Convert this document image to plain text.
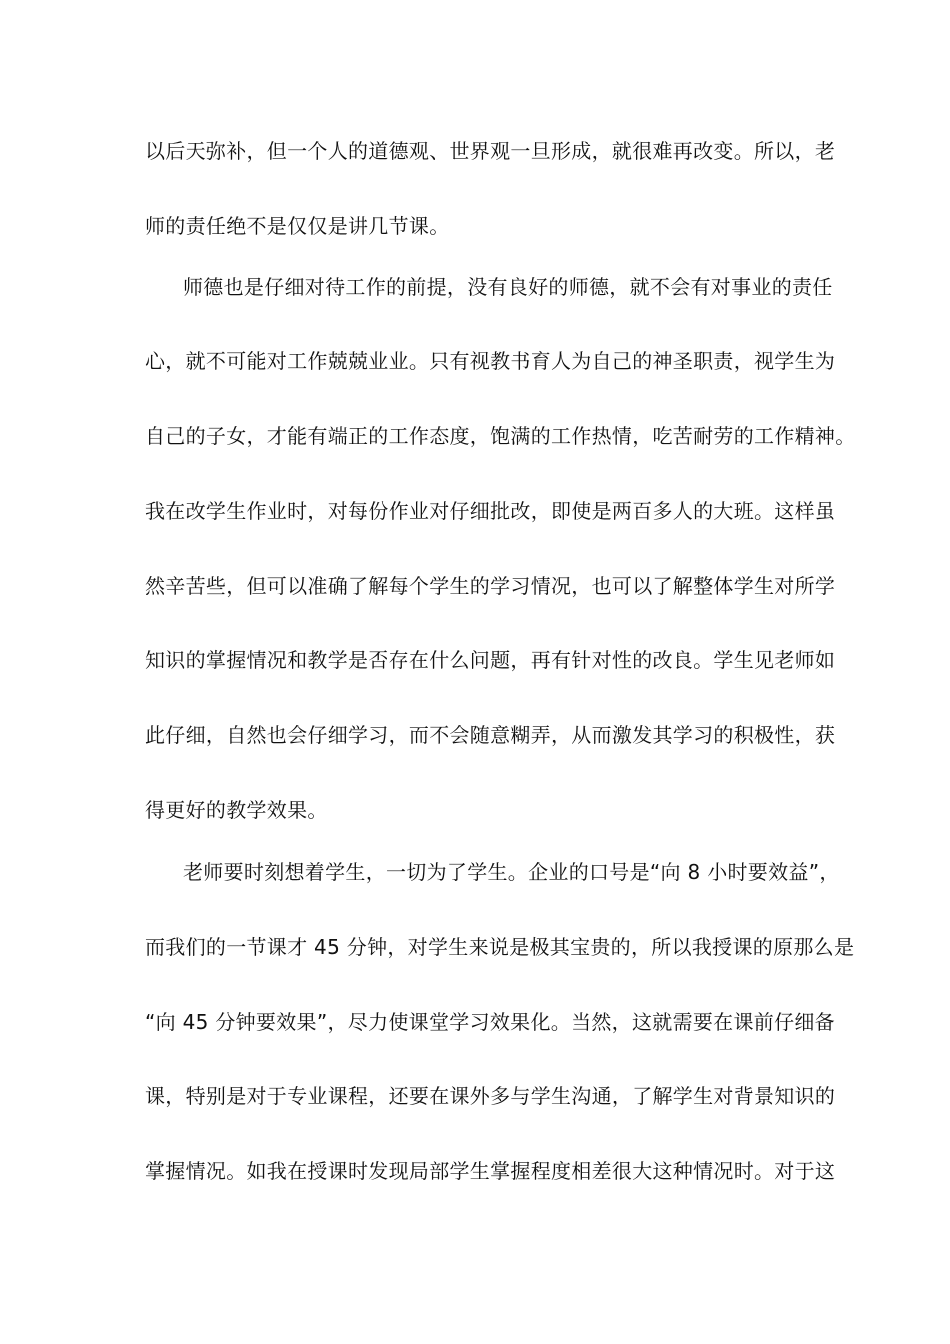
以后天弥补，但一个人的道德观、世界观一旦形成，就很难再改变。所以，老
师的责任绝不是仅仅是讲几节课。
师德也是仔细对待工作的前提，没有良好的师德，就不会有对事业的责任
心，就不可能对工作兢兢业业。只有视教书育人为自己的神圣职责，视学生为
自己的子女，才能有端正的工作态度，饱满的工作热情，吃苦耐劳的工作精神。
我在改学生作业时，对每份作业对仔细批改，即使是两百多人的大班。这样虽
然辛苦些，但可以准确了解每个学生的学习情况，也可以了解整体学生对所学
知识的掌握情况和教学是否存在什么问题，再有针对性的改良。学生见老师如
此仔细，自然也会仔细学习，而不会随意糊弄，从而激发其学习的积极性，获
得更好的教学效果。
老师要时刻想着学生，一切为了学生。企业的口号是“向 8 小时要效益”，
而我们的一节课才 45 分钟，对学生来说是极其宝贵的，所以我授课的原那么是
“向 45 分钟要效果”，尽力使课堂学习效果化。当然，这就需要在课前仔细备
课，特别是对于专业课程，还要在课外多与学生沟通，了解学生对背景知识的
掌握情况。如我在授课时发现局部学生掌握程度相差很大这种情况时。对于这
